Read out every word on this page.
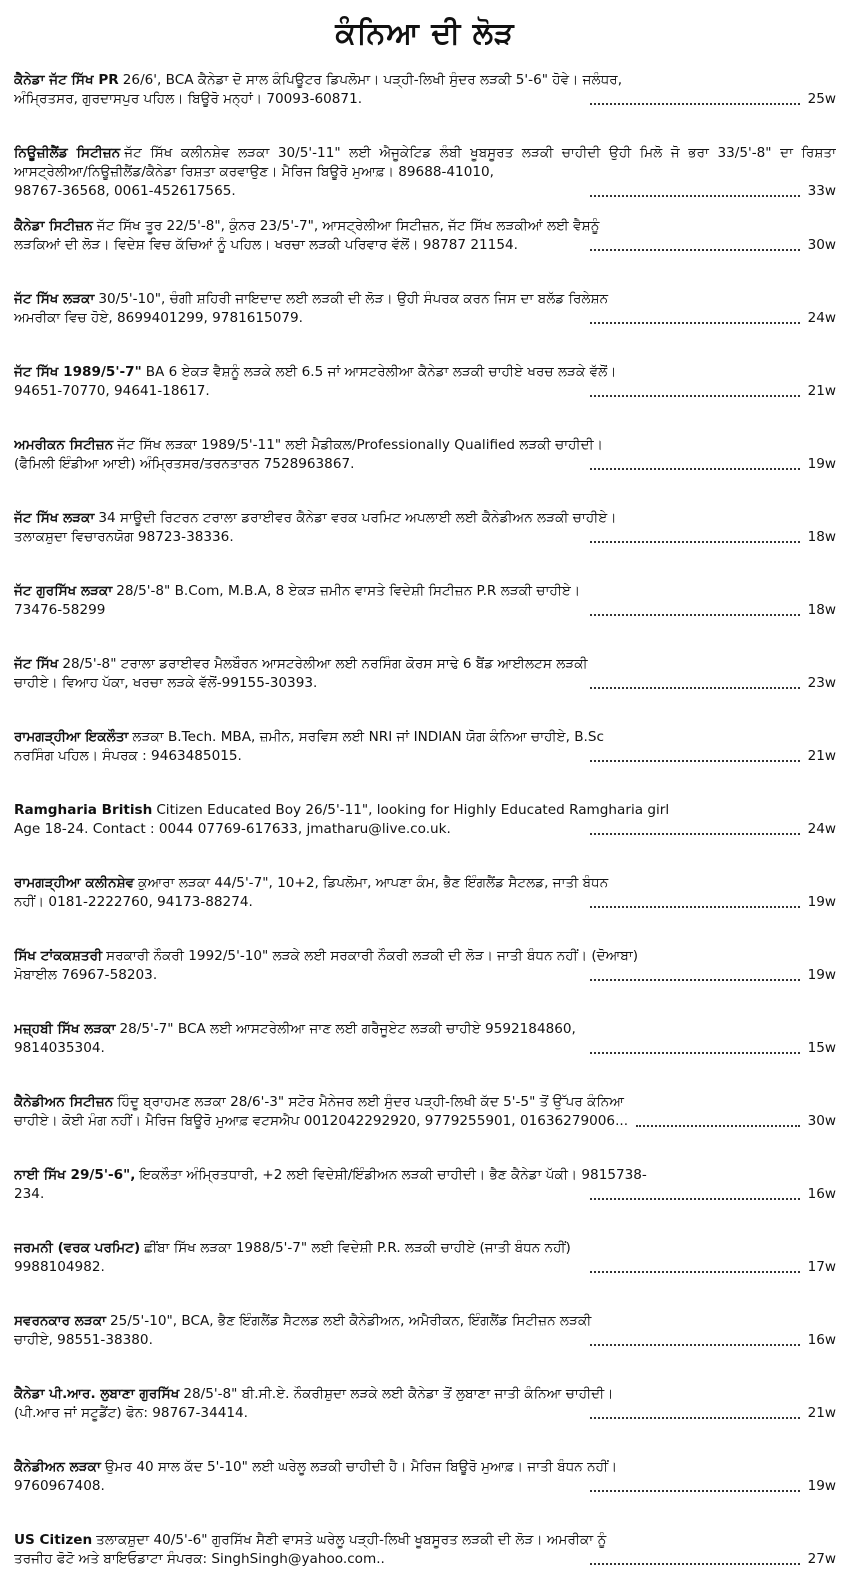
ਕੰਨਿਆ ਦੀ ਲੋੜ
ਕੈਨੇਡਾ ਜੱਟ ਸਿੱਖ PR 26/6', BCA ਕੈਨੇਡਾ ਦੋ ਸਾਲ ਕੰਪਿਊਟਰ ਡਿਪਲੋਮਾ। ਪੜ੍ਹੀ-ਲਿਖੀ ਸੁੰਦਰ ਲੜਕੀ 5'-6" ਹੋਵੇ। ਜਲੰਧਰ,
ਅੰਮ੍ਰਿਤਸਰ, ਗੁਰਦਾਸਪੁਰ ਪਹਿਲ। ਬਿਊਰੋ ਮਨ੍ਹਾਂ। 70093-60871.	25w
ਨਿਊਜ਼ੀਲੈਂਡ ਸਿਟੀਜ਼ਨ ਜੱਟ ਸਿੱਖ ਕਲੀਨਸ਼ੇਵ ਲੜਕਾ 30/5'-11" ਲਈ ਐਜੂਕੇਟਿਡ ਲੰਬੀ ਖੂਬਸੂਰਤ ਲੜਕੀ ਚਾਹੀਦੀ ਉਹੀ ਮਿਲੋ ਜੋ ਭਰਾ 33/5'-8" ਦਾ ਰਿਸ਼ਤਾ ਆਸਟ੍ਰੇਲੀਆ/ਨਿਊਜ਼ੀਲੈਂਡ/ਕੈਨੇਡਾ ਰਿਸ਼ਤਾ ਕਰਵਾਉਣ। ਮੈਰਿਜ ਬਿਊਰੋ ਮੁਆਫ਼। 89688-41010,
98767-36568, 0061-452617565.	33w
ਕੈਨੇਡਾ ਸਿਟੀਜ਼ਨ ਜੱਟ ਸਿੱਖ ਤੂਰ 22/5'-8", ਕੁੰਨਰ 23/5'-7", ਆਸਟ੍ਰੇਲੀਆ ਸਿਟੀਜ਼ਨ, ਜੱਟ ਸਿੱਖ ਲੜਕੀਆਂ ਲਈ ਵੈਸ਼ਨੂੰ
ਲੜਕਿਆਂ ਦੀ ਲੋੜ। ਵਿਦੇਸ਼ ਵਿਚ ਕੱਚਿਆਂ ਨੂੰ ਪਹਿਲ। ਖਰਚਾ ਲੜਕੀ ਪਰਿਵਾਰ ਵੱਲੋਂ। 98787 21154.	30w
ਜੱਟ ਸਿੱਖ ਲੜਕਾ 30/5'-10", ਚੰਗੀ ਸ਼ਹਿਰੀ ਜਾਇਦਾਦ ਲਈ ਲੜਕੀ ਦੀ ਲੋੜ। ਉਹੀ ਸੰਪਰਕ ਕਰਨ ਜਿਸ ਦਾ ਬਲੱਡ ਰਿਲੇਸ਼ਨ
ਅਮਰੀਕਾ ਵਿਚ ਹੋਏ, 8699401299, 9781615079.	24w
ਜੱਟ ਸਿੱਖ 1989/5'-7" BA 6 ਏਕੜ ਵੈਸ਼ਨੂੰ ਲੜਕੇ ਲਈ 6.5 ਜਾਂ ਆਸਟਰੇਲੀਆ ਕੈਨੇਡਾ ਲੜਕੀ ਚਾਹੀਏ ਖਰਚ ਲੜਕੇ ਵੱਲੋਂ।
94651-70770, 94641-18617.	21w
ਅਮਰੀਕਨ ਸਿਟੀਜ਼ਨ ਜੱਟ ਸਿੱਖ ਲੜਕਾ 1989/5'-11" ਲਈ ਮੈਡੀਕਲ/Professionally Qualified ਲੜਕੀ ਚਾਹੀਦੀ।
(ਫੈਮਿਲੀ ਇੰਡੀਆ ਆਈ) ਅੰਮ੍ਰਿਤਸਰ/ਤਰਨਤਾਰਨ 7528963867.	19w
ਜੱਟ ਸਿੱਖ ਲੜਕਾ 34 ਸਾਊਦੀ ਰਿਟਰਨ ਟਰਾਲਾ ਡਰਾਈਵਰ ਕੈਨੇਡਾ ਵਰਕ ਪਰਮਿਟ ਅਪਲਾਈ ਲਈ ਕੈਨੇਡੀਅਨ ਲੜਕੀ ਚਾਹੀਏ।
ਤਲਾਕਸ਼ੁਦਾ ਵਿਚਾਰਨਯੋਗ 98723-38336.	18w
ਜੱਟ ਗੁਰਸਿੱਖ ਲੜਕਾ 28/5'-8" B.Com, M.B.A, 8 ਏਕੜ ਜ਼ਮੀਨ ਵਾਸਤੇ ਵਿਦੇਸ਼ੀ ਸਿਟੀਜ਼ਨ P.R ਲੜਕੀ ਚਾਹੀਏ।
73476-58299	18w
ਜੱਟ ਸਿੱਖ 28/5'-8" ਟਰਾਲਾ ਡਰਾਈਵਰ ਮੈਲਬੌਰਨ ਆਸਟਰੇਲੀਆ ਲਈ ਨਰਸਿੰਗ ਕੋਰਸ ਸਾਢੇ 6 ਬੈਂਡ ਆਈਲਟਸ ਲੜਕੀ
ਚਾਹੀਏ। ਵਿਆਹ ਪੱਕਾ, ਖਰਚਾ ਲੜਕੇ ਵੱਲੋਂ-99155-30393.	23w
ਰਾਮਗੜ੍ਹੀਆ ਇਕਲੌਤਾ ਲੜਕਾ B.Tech. MBA, ਜ਼ਮੀਨ, ਸਰਵਿਸ ਲਈ NRI ਜਾਂ INDIAN ਯੋਗ ਕੰਨਿਆ ਚਾਹੀਏ, B.Sc
ਨਰਸਿੰਗ ਪਹਿਲ। ਸੰਪਰਕ : 9463485015.	21w
Ramgharia British Citizen Educated Boy 26/5'-11", looking for Highly Educated Ramgharia girl
Age 18-24. Contact : 0044 07769-617633, jmatharu@live.co.uk.	24w
ਰਾਮਗੜ੍ਹੀਆ ਕਲੀਨਸ਼ੇਵ ਕੁਆਰਾ ਲੜਕਾ 44/5'-7", 10+2, ਡਿਪਲੋਮਾ, ਆਪਣਾ ਕੰਮ, ਭੈਣ ਇੰਗਲੈਂਡ ਸੈਟਲਡ, ਜਾਤੀ ਬੰਧਨ
ਨਹੀਂ। 0181-2222760, 94173-88274.	19w
ਸਿੱਖ ਟਾਂਕਕਸ਼ਤਰੀ ਸਰਕਾਰੀ ਨੌਕਰੀ 1992/5'-10" ਲੜਕੇ ਲਈ ਸਰਕਾਰੀ ਨੌਕਰੀ ਲੜਕੀ ਦੀ ਲੋੜ। ਜਾਤੀ ਬੰਧਨ ਨਹੀਂ। (ਦੋਆਬਾ)
ਮੋਬਾਈਲ 76967-58203.	19w
ਮਜ਼੍ਹਬੀ ਸਿੱਖ ਲੜਕਾ 28/5'-7" BCA ਲਈ ਆਸਟਰੇਲੀਆ ਜਾਣ ਲਈ ਗਰੈਜੂਏਟ ਲੜਕੀ ਚਾਹੀਏ 9592184860,
9814035304.	15w
ਕੈਨੇਡੀਅਨ ਸਿਟੀਜ਼ਨ ਹਿੰਦੂ ਬ੍ਰਾਹਮਣ ਲੜਕਾ 28/6'-3" ਸਟੋਰ ਮੈਨੇਜਰ ਲਈ ਸੁੰਦਰ ਪੜ੍ਹੀ-ਲਿਖੀ ਕੱਦ 5'-5" ਤੋਂ ਉੱਪਰ ਕੰਨਿਆ
ਚਾਹੀਏ। ਕੋਈ ਮੰਗ ਨਹੀਂ। ਮੈਰਿਜ ਬਿਊਰੋ ਮੁਆਫ਼ ਵਟਸਐਪ 0012042292920, 9779255901, 01636279006...	30w
ਨਾਈ ਸਿੱਖ 29/5'-6", ਇਕਲੌਤਾ ਅੰਮ੍ਰਿਤਧਾਰੀ, +2 ਲਈ ਵਿਦੇਸ਼ੀ/ਇੰਡੀਅਨ ਲੜਕੀ ਚਾਹੀਦੀ। ਭੈਣ ਕੈਨੇਡਾ ਪੱਕੀ। 9815738-
234.	16w
ਜਰਮਨੀ (ਵਰਕ ਪਰਮਿਟ) ਛੀਂਬਾ ਸਿੱਖ ਲੜਕਾ 1988/5'-7" ਲਈ ਵਿਦੇਸ਼ੀ P.R. ਲੜਕੀ ਚਾਹੀਏ (ਜਾਤੀ ਬੰਧਨ ਨਹੀਂ)
9988104982.	17w
ਸਵਰਨਕਾਰ ਲੜਕਾ 25/5'-10", BCA, ਭੈਣ ਇੰਗਲੈਂਡ ਸੈਟਲਡ ਲਈ ਕੈਨੇਡੀਅਨ, ਅਮੈਰੀਕਨ, ਇੰਗਲੈਂਡ ਸਿਟੀਜ਼ਨ ਲੜਕੀ
ਚਾਹੀਏ, 98551-38380.	16w
ਕੈਨੇਡਾ ਪੀ.ਆਰ. ਲੁਬਾਣਾ ਗੁਰਸਿੱਖ 28/5'-8" ਬੀ.ਸੀ.ਏ. ਨੌਕਰੀਸ਼ੁਦਾ ਲੜਕੇ ਲਈ ਕੈਨੇਡਾ ਤੋਂ ਲੁਬਾਣਾ ਜਾਤੀ ਕੰਨਿਆ ਚਾਹੀਦੀ।
(ਪੀ.ਆਰ ਜਾਂ ਸਟੂਡੈਂਟ) ਫੋਨ: 98767-34414.	21w
ਕੈਨੇਡੀਅਨ ਲੜਕਾ ਉਮਰ 40 ਸਾਲ ਕੱਦ 5'-10" ਲਈ ਘਰੇਲੂ ਲੜਕੀ ਚਾਹੀਦੀ ਹੈ। ਮੈਰਿਜ ਬਿਊਰੋ ਮੁਆਫ਼। ਜਾਤੀ ਬੰਧਨ ਨਹੀਂ।
9760967408.	19w
US Citizen ਤਲਾਕਸ਼ੁਦਾ 40/5'-6" ਗੁਰਸਿੱਖ ਸੈਣੀ ਵਾਸਤੇ ਘਰੇਲੂ ਪੜ੍ਹੀ-ਲਿਖੀ ਖੂਬਸੂਰਤ ਲੜਕੀ ਦੀ ਲੋੜ। ਅਮਰੀਕਾ ਨੂੰ
ਤਰਜੀਹ ਫੋਟੋ ਅਤੇ ਬਾਇਓਡਾਟਾ ਸੰਪਰਕ: SinghSingh@yahoo.com..	27w
